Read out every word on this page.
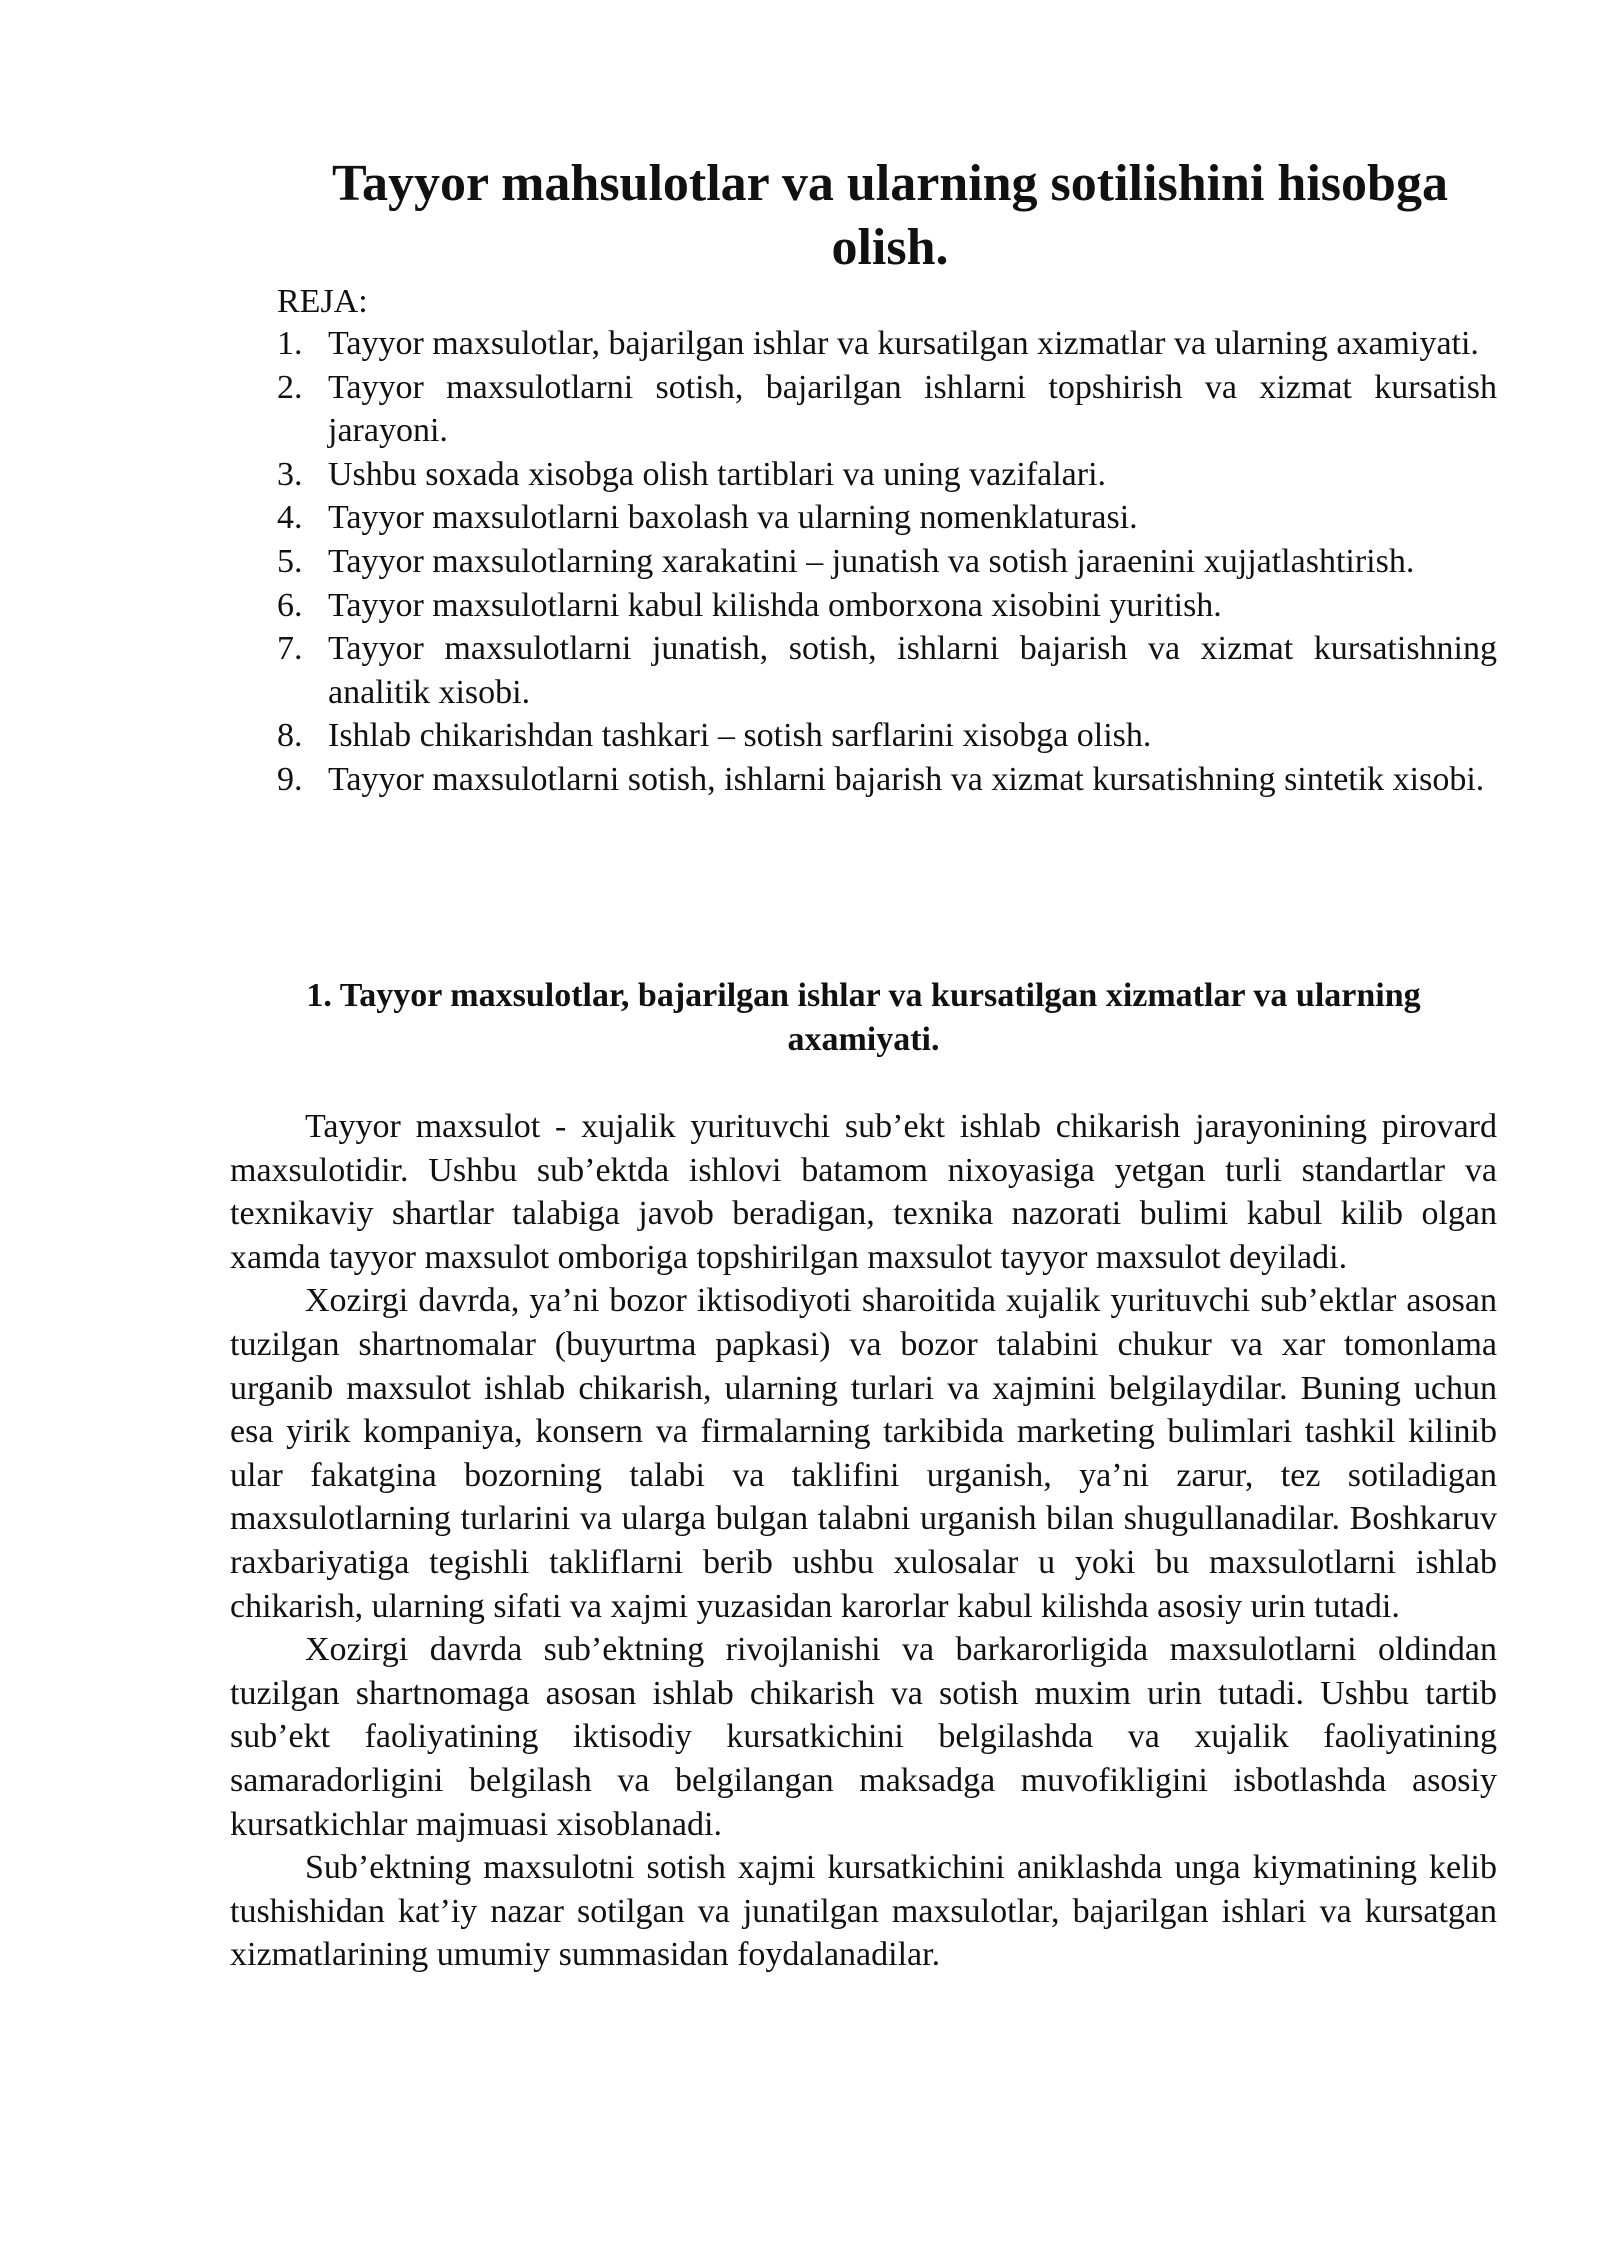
Tayyor mahsulotlar va ularning sotilishini hisobga olish.
REJA:
1. Tayyor maxsulotlar, bajarilgan ishlar va kursatilgan xizmatlar va ularning axamiyati.
2. Tayyor maxsulotlarni sotish, bajarilgan ishlarni topshirish va xizmat kursatish jarayoni.
3. Ushbu soxada xisobga olish tartiblari va uning vazifalari.
4. Tayyor maxsulotlarni baxolash va ularning nomenklaturasi.
5. Tayyor maxsulotlarning xarakatini – junatish va sotish jaraenini xujjatlashtirish.
6. Tayyor maxsulotlarni kabul kilishda omborxona xisobini yuritish.
7. Tayyor maxsulotlarni junatish, sotish, ishlarni bajarish va xizmat kursatishning analitik xisobi.
8. Ishlab chikarishdan tashkari – sotish sarflarini xisobga olish.
9. Tayyor maxsulotlarni sotish, ishlarni bajarish va xizmat kursatishning sintetik xisobi.
1. Tayyor maxsulotlar, bajarilgan ishlar va kursatilgan xizmatlar va ularning axamiyati.

Tayyor maxsulot - xujalik yurituvchi sub’ekt ishlab chikarish jarayonining pirovard maxsulotidir. Ushbu sub’ektda ishlovi batamom nixoyasiga yetgan turli standartlar va texnikaviy shartlar talabiga javob beradigan, texnika nazorati bulimi kabul kilib olgan xamda tayyor maxsulot omboriga topshirilgan maxsulot tayyor maxsulot deyiladi.

Xozirgi davrda, ya’ni bozor iktisodiyoti sharoitida xujalik yurituvchi sub’ektlar asosan tuzilgan shartnomalar (buyurtma papkasi) va bozor talabini chukur va xar tomonlama urganib maxsulot ishlab chikarish, ularning turlari va xajmini belgilaydilar. Buning uchun esa yirik kompaniya, konsern va firmalarning tarkibida marketing bulimlari tashkil kilinib ular fakatgina bozorning talabi va taklifini urganish, ya’ni zarur, tez sotiladigan maxsulotlarning turlarini va ularga bulgan talabni urganish bilan shugullanadilar. Boshkaruv raxbariyatiga tegishli takliflarni berib ushbu xulosalar u yoki bu maxsulotlarni ishlab chikarish, ularning sifati va xajmi yuzasidan karorlar kabul kilishda asosiy urin tutadi.

Xozirgi davrda sub’ektning rivojlanishi va barkarorligida maxsulotlarni oldindan tuzilgan shartnomaga asosan ishlab chikarish va sotish muxim urin tutadi. Ushbu tartib sub’ekt faoliyatining iktisodiy kursatkichini belgilashda va xujalik faoliyatining samaradorligini belgilash va belgilangan maksadga muvofikligini isbotlashda asosiy kursatkichlar majmuasi xisoblanadi.

Sub’ektning maxsulotni sotish xajmi kursatkichini aniklashda unga kiymatining kelib tushishidan kat’iy nazar sotilgan va junatilgan maxsulotlar, bajarilgan ishlari va kursatgan xizmatlarining umumiy summasidan foydalanadilar.
